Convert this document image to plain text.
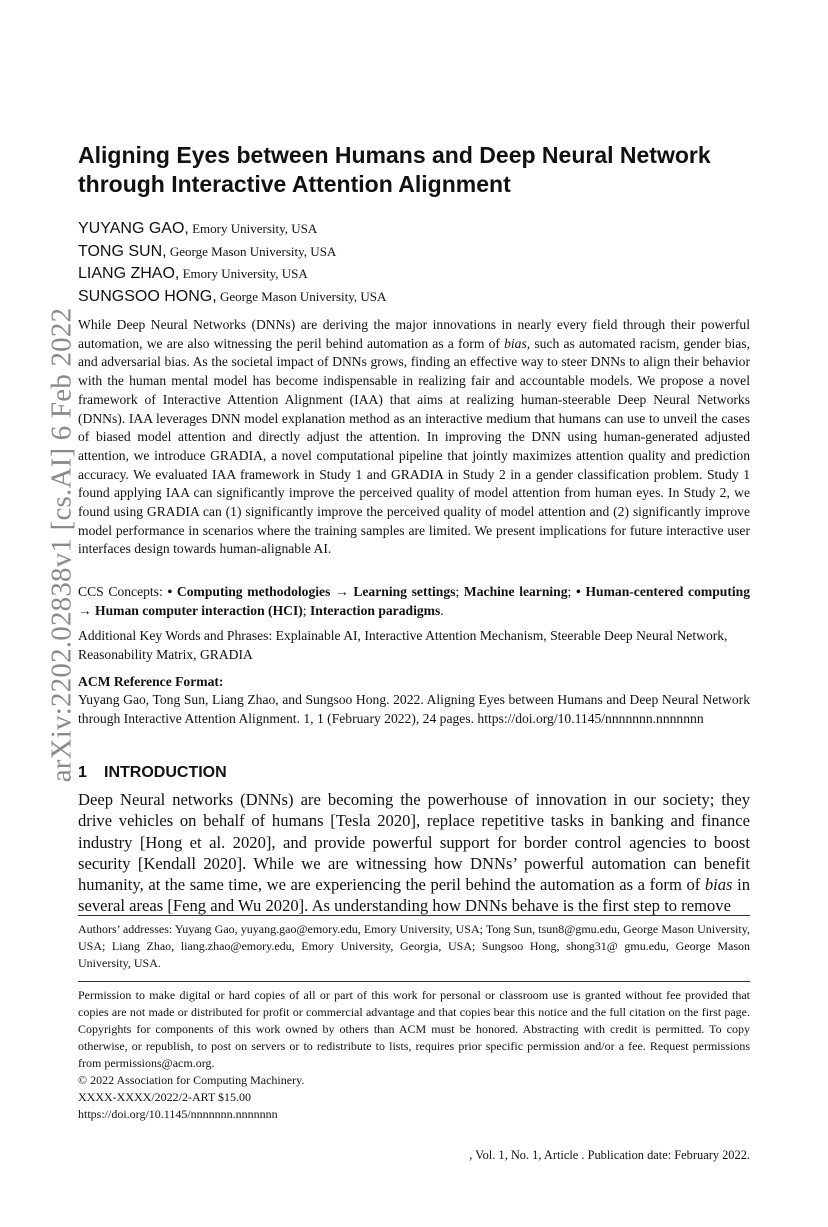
arXiv:2202.02838v1 [cs.AI] 6 Feb 2022
Aligning Eyes between Humans and Deep Neural Network through Interactive Attention Alignment
YUYANG GAO, Emory University, USA
TONG SUN, George Mason University, USA
LIANG ZHAO, Emory University, USA
SUNGSOO HONG, George Mason University, USA

While Deep Neural Networks (DNNs) are deriving the major innovations in nearly every field through their powerful automation, we are also witnessing the peril behind automation as a form of bias, such as automated racism, gender bias, and adversarial bias. As the societal impact of DNNs grows, finding an effective way to steer DNNs to align their behavior with the human mental model has become indispensable in realizing fair and accountable models. We propose a novel framework of Interactive Attention Alignment (IAA) that aims at realizing human-steerable Deep Neural Networks (DNNs). IAA leverages DNN model explanation method as an interactive medium that humans can use to unveil the cases of biased model attention and directly adjust the attention. In improving the DNN using human-generated adjusted attention, we introduce GRADIA, a novel computational pipeline that jointly maximizes attention quality and prediction accuracy. We evaluated IAA framework in Study 1 and GRADIA in Study 2 in a gender classification problem. Study 1 found applying IAA can significantly improve the perceived quality of model attention from human eyes. In Study 2, we found using GRADIA can (1) significantly improve the perceived quality of model attention and (2) significantly improve model performance in scenarios where the training samples are limited. We present implications for future interactive user interfaces design towards human-alignable AI.

CCS Concepts: • Computing methodologies → Learning settings; Machine learning; • Human-centered computing → Human computer interaction (HCI); Interaction paradigms.

Additional Key Words and Phrases: Explainable AI, Interactive Attention Mechanism, Steerable Deep Neural Network, Reasonability Matrix, GRADIA

ACM Reference Format:

Yuyang Gao, Tong Sun, Liang Zhao, and Sungsoo Hong. 2022. Aligning Eyes between Humans and Deep Neural Network through Interactive Attention Alignment. 1, 1 (February 2022), 24 pages. https://doi.org/10.1145/nnnnnnn.nnnnnnn

1 INTRODUCTION

Deep Neural networks (DNNs) are becoming the powerhouse of innovation in our society; they drive vehicles on behalf of humans [Tesla 2020], replace repetitive tasks in banking and finance industry [Hong et al. 2020], and provide powerful support for border control agencies to boost security [Kendall 2020]. While we are witnessing how DNNs’ powerful automation can benefit humanity, at the same time, we are experiencing the peril behind the automation as a form of bias in several areas [Feng and Wu 2020]. As understanding how DNNs behave is the first step to remove

Authors’ addresses: Yuyang Gao, yuyang.gao@emory.edu, Emory University, USA; Tong Sun, tsun8@gmu.edu, George Mason University, USA; Liang Zhao, liang.zhao@emory.edu, Emory University, Georgia, USA; Sungsoo Hong, shong31@ gmu.edu, George Mason University, USA.

Permission to make digital or hard copies of all or part of this work for personal or classroom use is granted without fee provided that copies are not made or distributed for profit or commercial advantage and that copies bear this notice and the full citation on the first page. Copyrights for components of this work owned by others than ACM must be honored. Abstracting with credit is permitted. To copy otherwise, or republish, to post on servers or to redistribute to lists, requires prior specific permission and/or a fee. Request permissions from permissions@acm.org.

© 2022 Association for Computing Machinery.

XXXX-XXXX/2022/2-ART $15.00

https://doi.org/10.1145/nnnnnnn.nnnnnnn

, Vol. 1, No. 1, Article . Publication date: February 2022.
